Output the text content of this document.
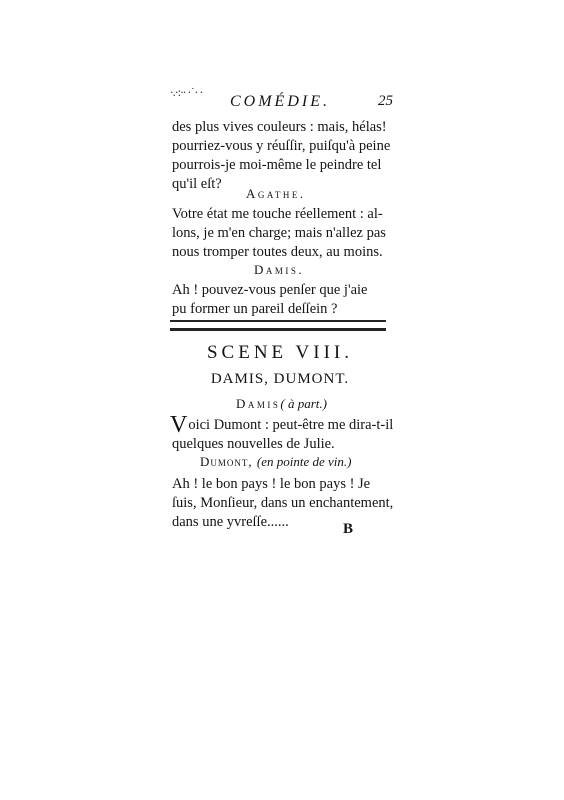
·.·:·· ·˙· ·
COMÉDIE.	25
des plus vives couleurs : mais, hélas!
pourriez-vous y réuſſir, puiſqu'à peine
pourrois-je moi-même le peindre tel
qu'il eſt?
Agathe.
Votre état me touche réellement : al-
lons, je m'en charge; mais n'allez pas
nous tromper toutes deux, au moins.
Damis.
Ah ! pouvez-vous penſer que j'aie
pu former un pareil deſſein ?
SCENE VIII.
DAMIS, DUMONT.
Damis( à part.)
Voici Dumont : peut-être me dira-t-il
quelques nouvelles de Julie.
Dumont, (en pointe de vin.)
Ah ! le bon pays ! le bon pays ! Je
ſuis, Monſieur, dans un enchantement,
dans une yvreſſe......	B
